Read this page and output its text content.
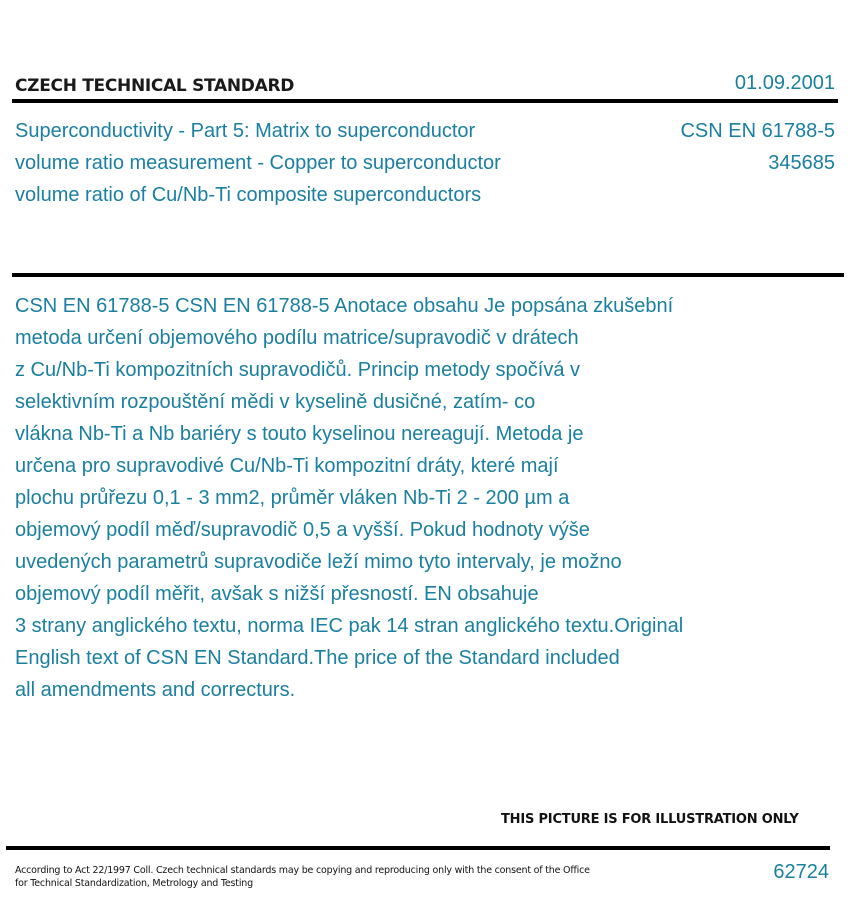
CZECH TECHNICAL STANDARD	01.09.2001
Superconductivity - Part 5: Matrix to superconductor
volume ratio measurement - Copper to superconductor
volume ratio of Cu/Nb-Ti composite superconductors
CSN EN 61788-5
345685
CSN EN 61788-5 CSN EN 61788-5 Anotace obsahu Je popsána zkušební
metoda určení objemového podílu matrice/supravodič v drátech
z Cu/Nb-Ti kompozitních supravodičů. Princip metody spočívá v
selektivním rozpouštění mědi v kyselině dusičné, zatím- co
vlákna Nb-Ti a Nb bariéry s touto kyselinou nereagují. Metoda je
určena pro supravodivé Cu/Nb-Ti kompozitní dráty, které mají
plochu průřezu 0,1 - 3 mm2, průměr vláken Nb-Ti 2 - 200 µm a
objemový podíl měď/supravodič 0,5 a vyšší. Pokud hodnoty výše
uvedených parametrů supravodiče leží mimo tyto intervaly, je možno
objemový podíl měřit, avšak s nižší přesností. EN obsahuje
3 strany anglického textu, norma IEC pak 14 stran anglického textu.Original
English text of CSN EN Standard.The price of the Standard included
all amendments and correcturs.
THIS PICTURE IS FOR ILLUSTRATION ONLY
According to Act 22/1997 Coll. Czech technical standards may be copying and reproducing only with the consent of the Office
for Technical Standardization, Metrology and Testing
62724
